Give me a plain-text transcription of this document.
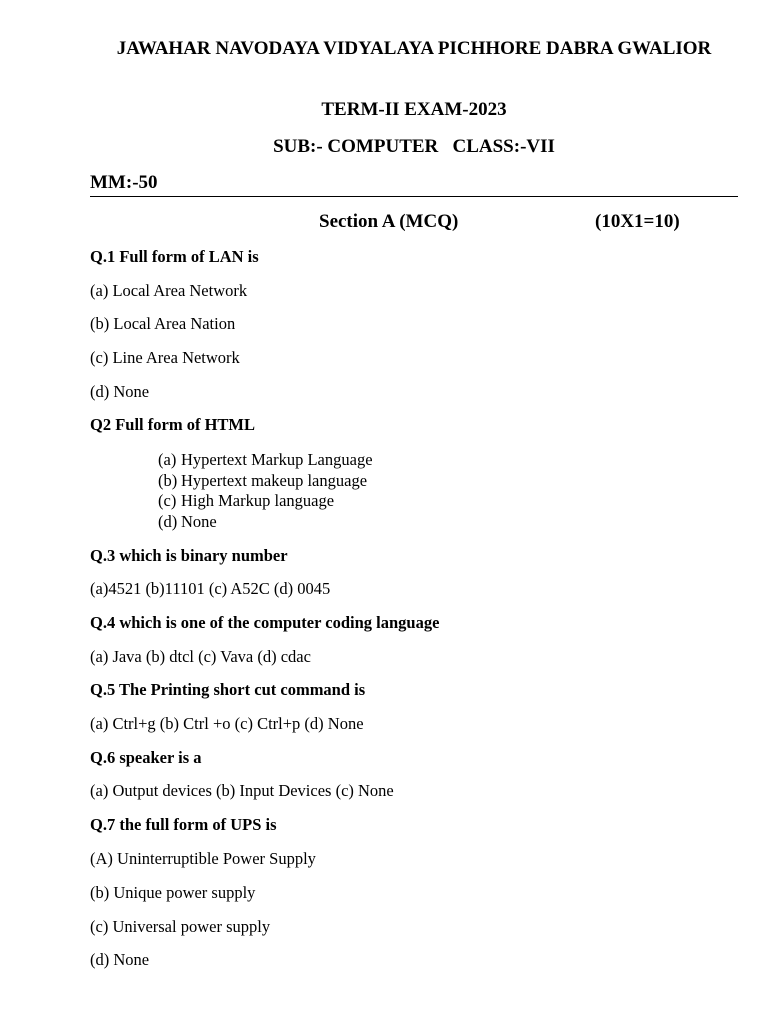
JAWAHAR NAVODAYA VIDYALAYA PICHHORE DABRA GWALIOR
TERM-II EXAM-2023
SUB:- COMPUTER   CLASS:-VII
MM:-50
Section A (MCQ)	(10X1=10)
Q.1 Full form of LAN is
(a) Local Area Network
(b) Local Area Nation
(c) Line Area Network
(d) None
Q2 Full form of HTML
(a) Hypertext Markup Language
(b) Hypertext makeup language
(c) High Markup language
(d) None
Q.3 which is binary number
(a)4521 (b)11101 (c) A52C (d) 0045
Q.4 which is one of the computer coding language
(a) Java (b) dtcl (c) Vava (d) cdac
Q.5 The Printing short cut command is
(a) Ctrl+g (b) Ctrl +o (c) Ctrl+p (d) None
Q.6 speaker is a
(a) Output devices (b) Input Devices (c) None
Q.7 the full form of UPS is
(A) Uninterruptible Power Supply
(b) Unique power supply
(c) Universal power supply
(d) None
